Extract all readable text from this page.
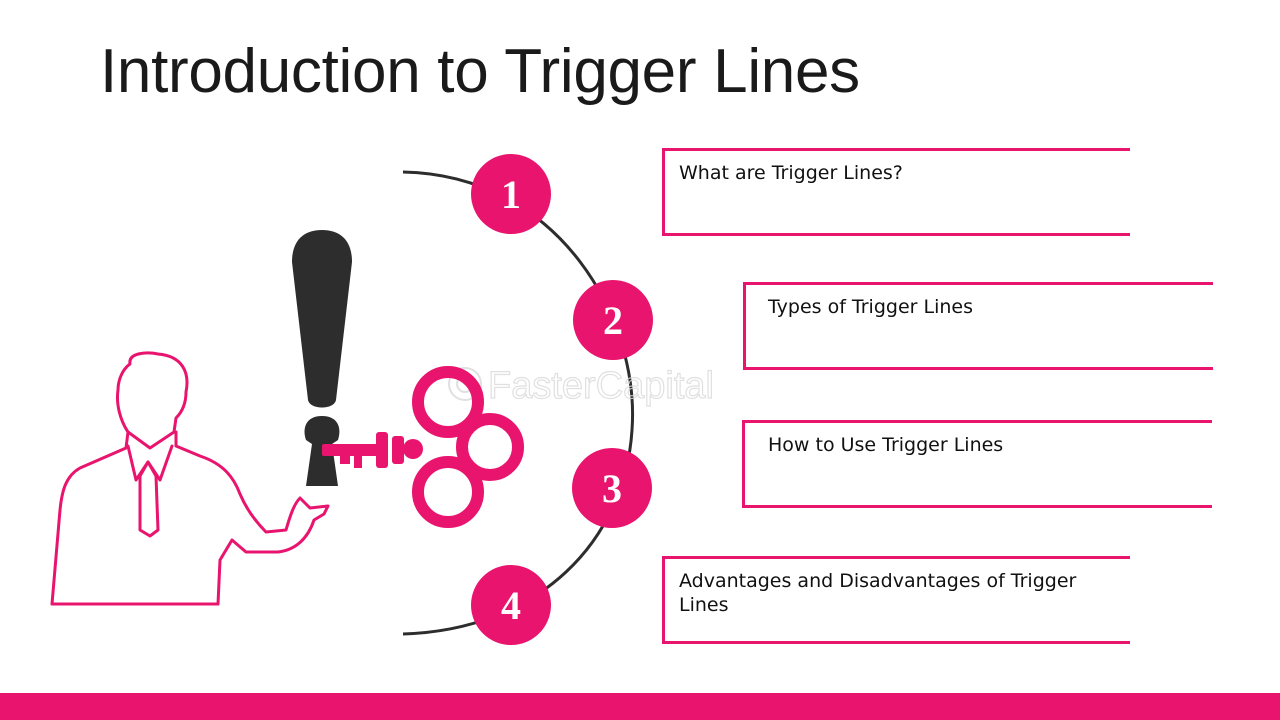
Introduction to Trigger Lines
FasterCapital
1
2
3
4
What are Trigger Lines?
Types of Trigger Lines
How to Use Trigger Lines
Advantages and Disadvantages of Trigger Lines
